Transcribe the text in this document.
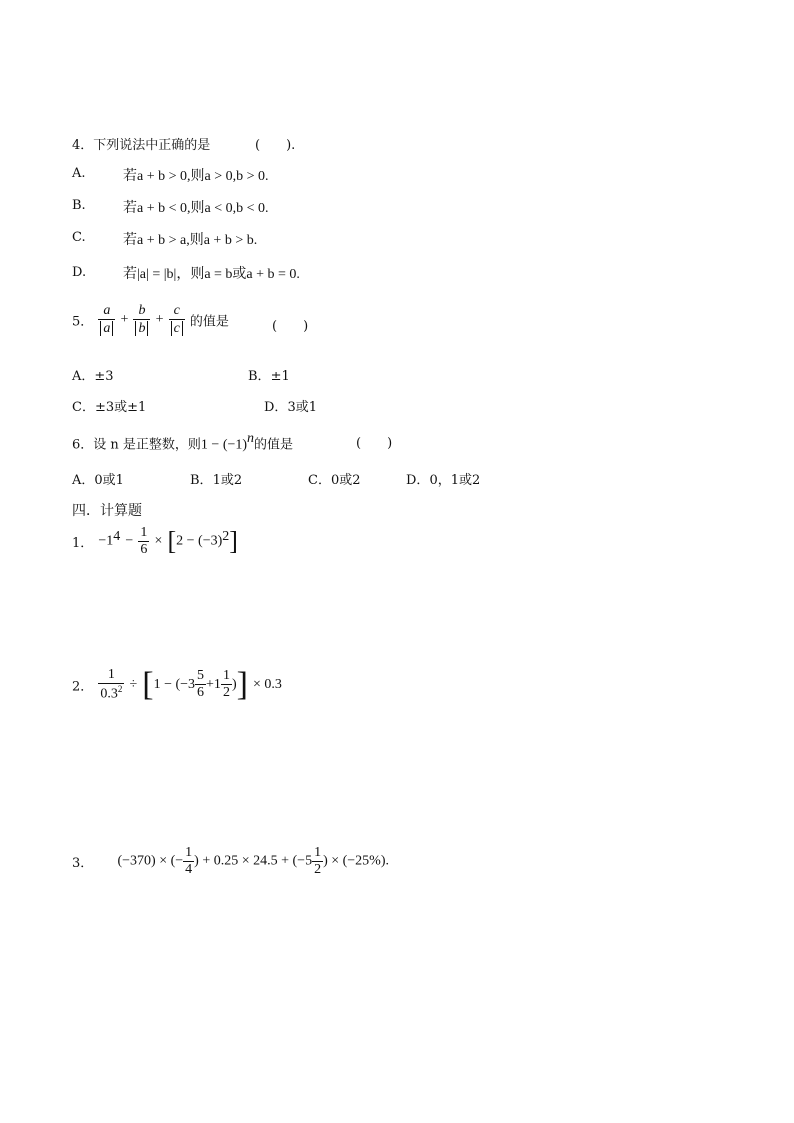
4．下列说法中正确的是	(　　).
A.	若a + b > 0,则a > 0,b > 0.
B.	若a + b < 0,则a < 0,b < 0.
C.	若a + b > a,则a + b > b.
D.	若|a| = |b|，则a = b或a + b = 0.
5． $\frac{a}{a} + \frac{b}{b} + \frac{c}{c}$ 的值是	(　　)
A．±3	B．±1
C．±3或±1	D．3或1
6．设 n 是正整数，则$1 - (-1)^n$的值是	(　　)
A．0或1	B．1或2	C．0或2	D．0，1或2
四．计算题
1． $-1^4 - \frac{1}{6} \times [2 - (-3)^2]$
2． $\frac{1}{0.3^2} \div [1 - (-3 \frac{5}{6} +1 \frac{1}{2}$ )] × 0.3
3． (−370) × (− $\frac{1}{4}$ ) + $0.25 \times 24.5 + (-5 \frac{1}{2}$ ) × (−25%).
